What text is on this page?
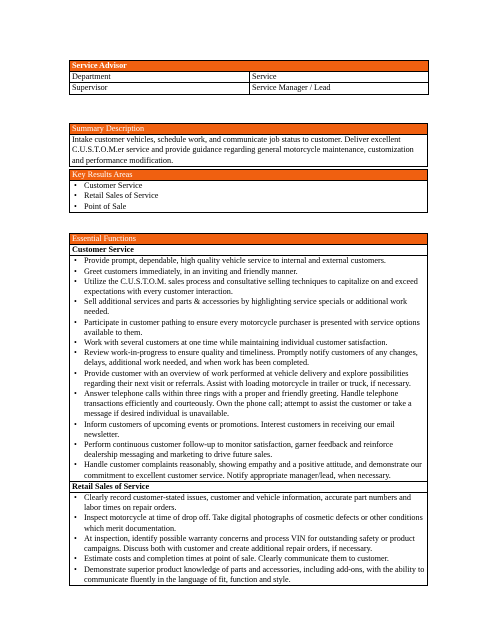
Service Advisor	
Department	Service
Supervisor	Service Manager / Lead
Summary Description
Intake customer vehicles, schedule work, and communicate job status to customer. Deliver excellent C.U.S.T.O.M.er service and provide guidance regarding general motorcycle maintenance, customization and performance modification.
Key Results Areas

• Customer Service
• Retail Sales of Service
• Point of Sale
Essential Functions
Customer Service

• Provide prompt, dependable, high quality vehicle service to internal and external customers.
• Greet customers immediately, in an inviting and friendly manner.
• Utilize the C.U.S.T.O.M. sales process and consultative selling techniques to capitalize on and exceed expectations with every customer interaction.
• Sell additional services and parts & accessories by highlighting service specials or additional work needed.
• Participate in customer pathing to ensure every motorcycle purchaser is presented with service options available to them.
• Work with several customers at one time while maintaining individual customer satisfaction.
• Review work-in-progress to ensure quality and timeliness. Promptly notify customers of any changes, delays, additional work needed, and when work has been completed.
• Provide customer with an overview of work performed at vehicle delivery and explore possibilities regarding their next visit or referrals. Assist with loading motorcycle in trailer or truck, if necessary.
• Answer telephone calls within three rings with a proper and friendly greeting. Handle telephone transactions efficiently and courteously. Own the phone call; attempt to assist the customer or take a message if desired individual is unavailable.
• Inform customers of upcoming events or promotions. Interest customers in receiving our email newsletter.
• Perform continuous customer follow-up to monitor satisfaction, garner feedback and reinforce dealership messaging and marketing to drive future sales.
• Handle customer complaints reasonably, showing empathy and a positive attitude, and demonstrate our commitment to excellent customer service. Notify appropriate manager/lead, when necessary.

Retail Sales of Service

• Clearly record customer-stated issues, customer and vehicle information, accurate part numbers and labor times on repair orders.
• Inspect motorcycle at time of drop off. Take digital photographs of cosmetic defects or other conditions which merit documentation.
• At inspection, identify possible warranty concerns and process VIN for outstanding safety or product campaigns. Discuss both with customer and create additional repair orders, if necessary.
• Estimate costs and completion times at point of sale. Clearly communicate them to customer.
• Demonstrate superior product knowledge of parts and accessories, including add-ons, with the ability to communicate fluently in the language of fit, function and style.
